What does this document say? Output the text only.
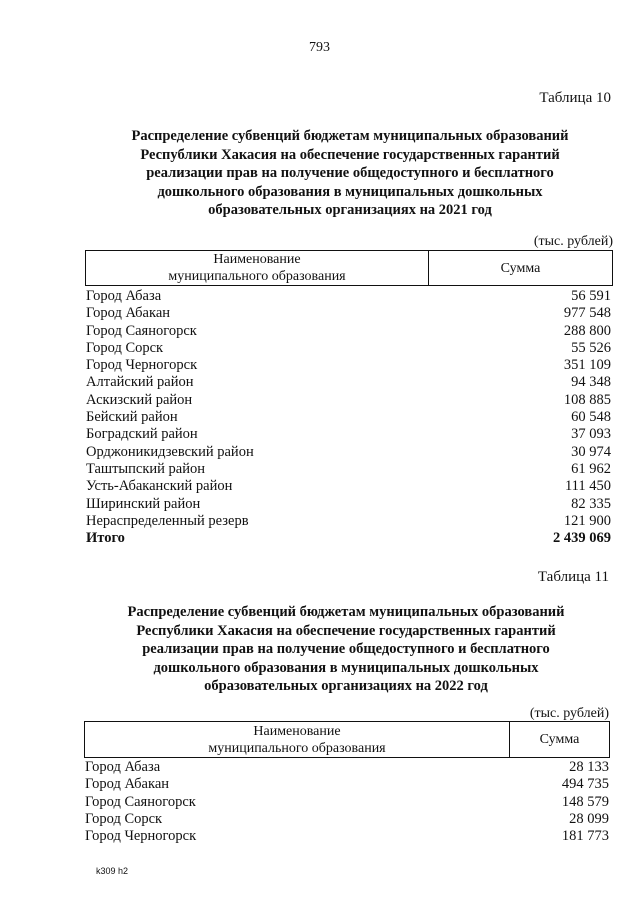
793
Таблица 10
Распределение субвенций бюджетам муниципальных образований
Республики Хакасия на обеспечение государственных гарантий
реализации прав на получение общедоступного и бесплатного
дошкольного образования в муниципальных дошкольных
образовательных организациях на 2021 год
(тыс. рублей)
Наименование
муниципального образования
	Сумма
Город Абаза	56 591
Город Абакан	977 548
Город Саяногорск	288 800
Город Сорск	55 526
Город Черногорск	351 109
Алтайский район	94 348
Аскизский район	108 885
Бейский район	60 548
Боградский район	37 093
Орджоникидзевский район	30 974
Таштыпский район	61 962
Усть-Абаканский район	111 450
Ширинский район	82 335
Нераспределенный резерв	121 900
Итого	2 439 069
Таблица 11
Распределение субвенций бюджетам муниципальных образований
Республики Хакасия на обеспечение государственных гарантий
реализации прав на получение общедоступного и бесплатного
дошкольного образования в муниципальных дошкольных
образовательных организациях на 2022 год
(тыс. рублей)
Наименование
муниципального образования
	Сумма
Город Абаза	28 133
Город Абакан	494 735
Город Саяногорск	148 579
Город Сорск	28 099
Город Черногорск	181 773
k309 h2
